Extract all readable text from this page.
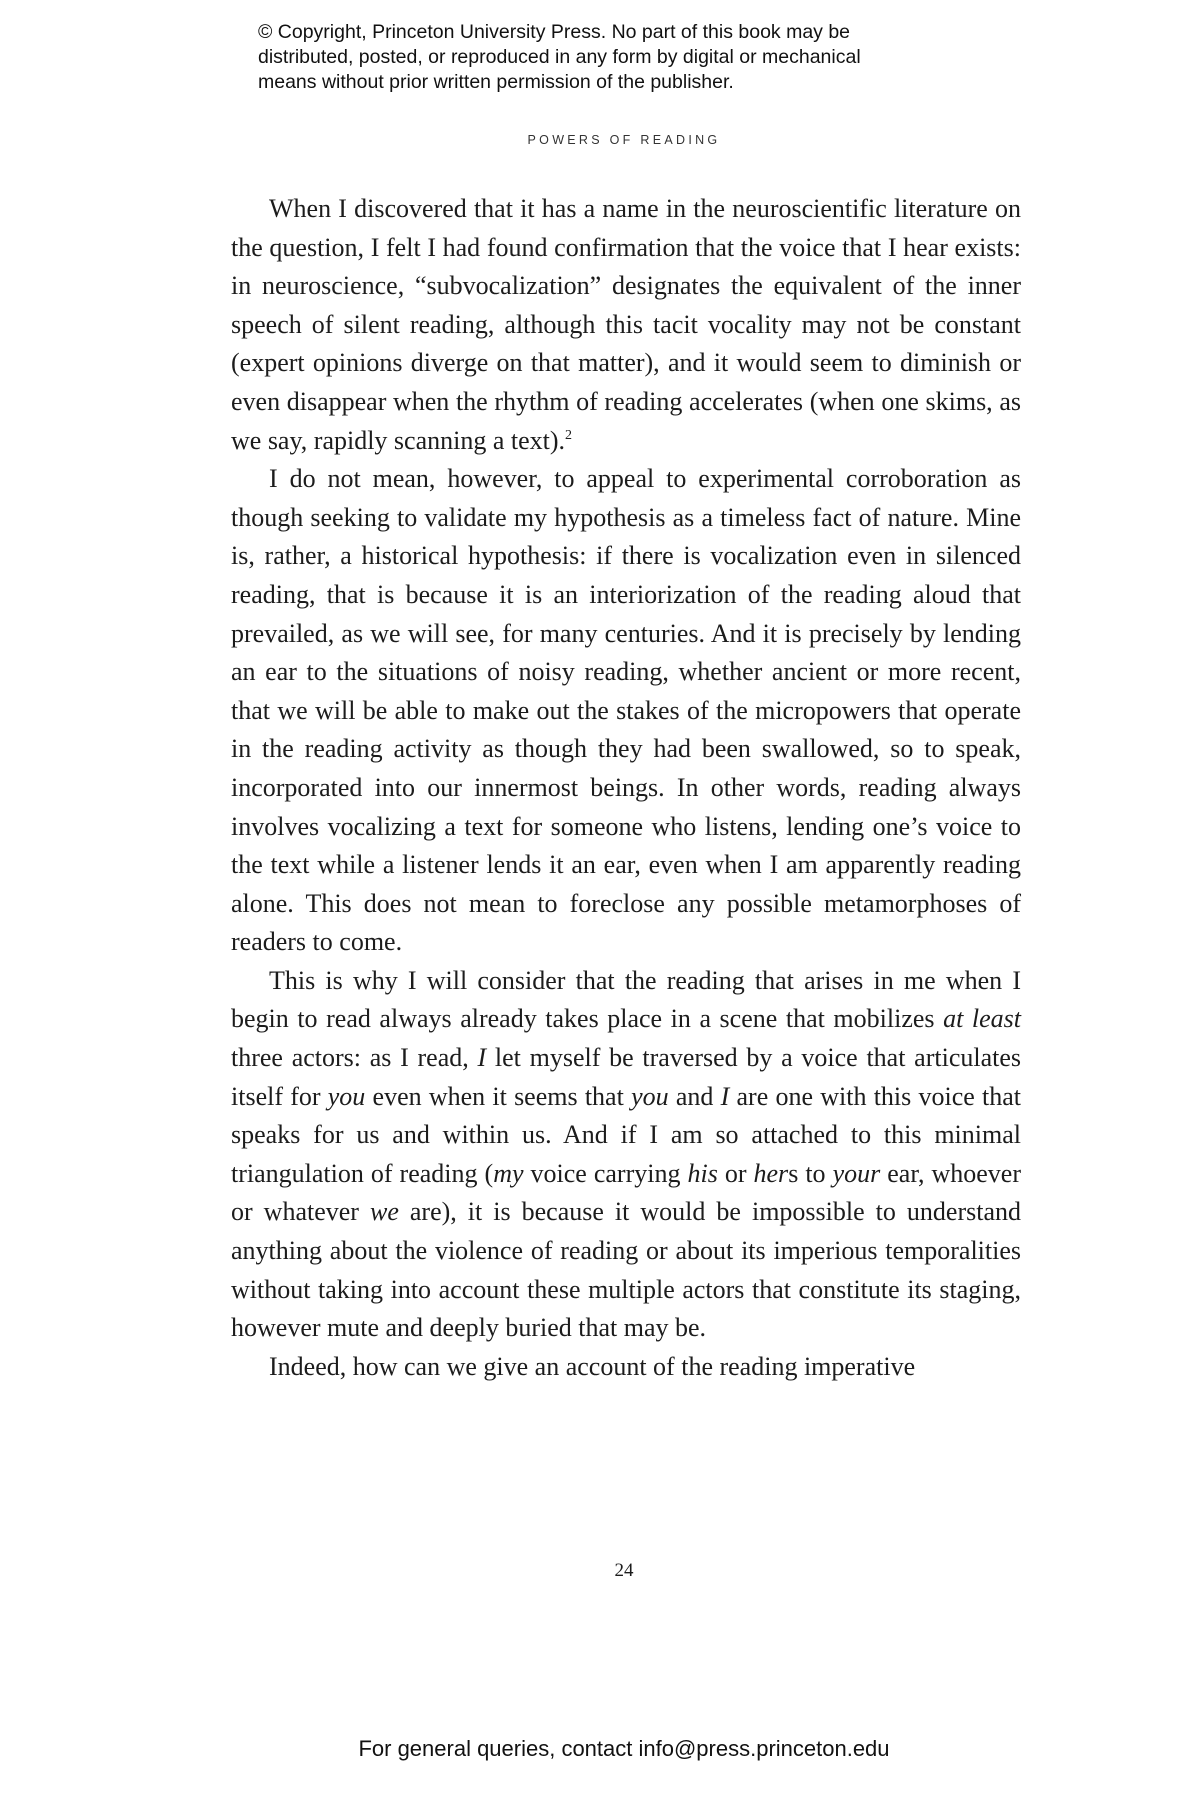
© Copyright, Princeton University Press. No part of this book may be
distributed, posted, or reproduced in any form by digital or mechanical
means without prior written permission of the publisher.
POWERS OF READING

When I discovered that it has a name in the neuroscientific literature on the question, I felt I had found confirmation that the voice that I hear exists: in neuroscience, “subvocalization” designates the equivalent of the inner speech of silent reading, although this tacit vocality may not be constant (expert opinions diverge on that matter), and it would seem to diminish or even disappear when the rhythm of reading accelerates (when one skims, as we say, rapidly scanning a text).$^2$

I do not mean, however, to appeal to experimental corroboration as though seeking to validate my hypothesis as a timeless fact of nature. Mine is, rather, a historical hypothesis: if there is vocalization even in silenced reading, that is because it is an interiorization of the reading aloud that prevailed, as we will see, for many centuries. And it is precisely by lending an ear to the situations of noisy reading, whether ancient or more recent, that we will be able to make out the stakes of the micropowers that operate in the reading activity as though they had been swallowed, so to speak, incorporated into our innermost beings. In other words, reading always involves vocalizing a text for someone who listens, lending one’s voice to the text while a listener lends it an ear, even when I am apparently reading alone. This does not mean to foreclose any possible metamorphoses of readers to come.

This is why I will consider that the reading that arises in me when I begin to read always already takes place in a scene that mobilizes at least three actors: as I read, I let myself be traversed by a voice that articulates itself for you even when it seems that you and I are one with this voice that speaks for us and within us. And if I am so attached to this minimal triangulation of reading (my voice carrying his or hers to your ear, whoever or whatever we are), it is because it would be impossible to understand anything about the violence of reading or about its imperious temporalities without taking into account these multiple actors that constitute its staging, however mute and deeply buried that may be.

Indeed, how can we give an account of the reading imperative

24
For general queries, contact info@press.princeton.edu
